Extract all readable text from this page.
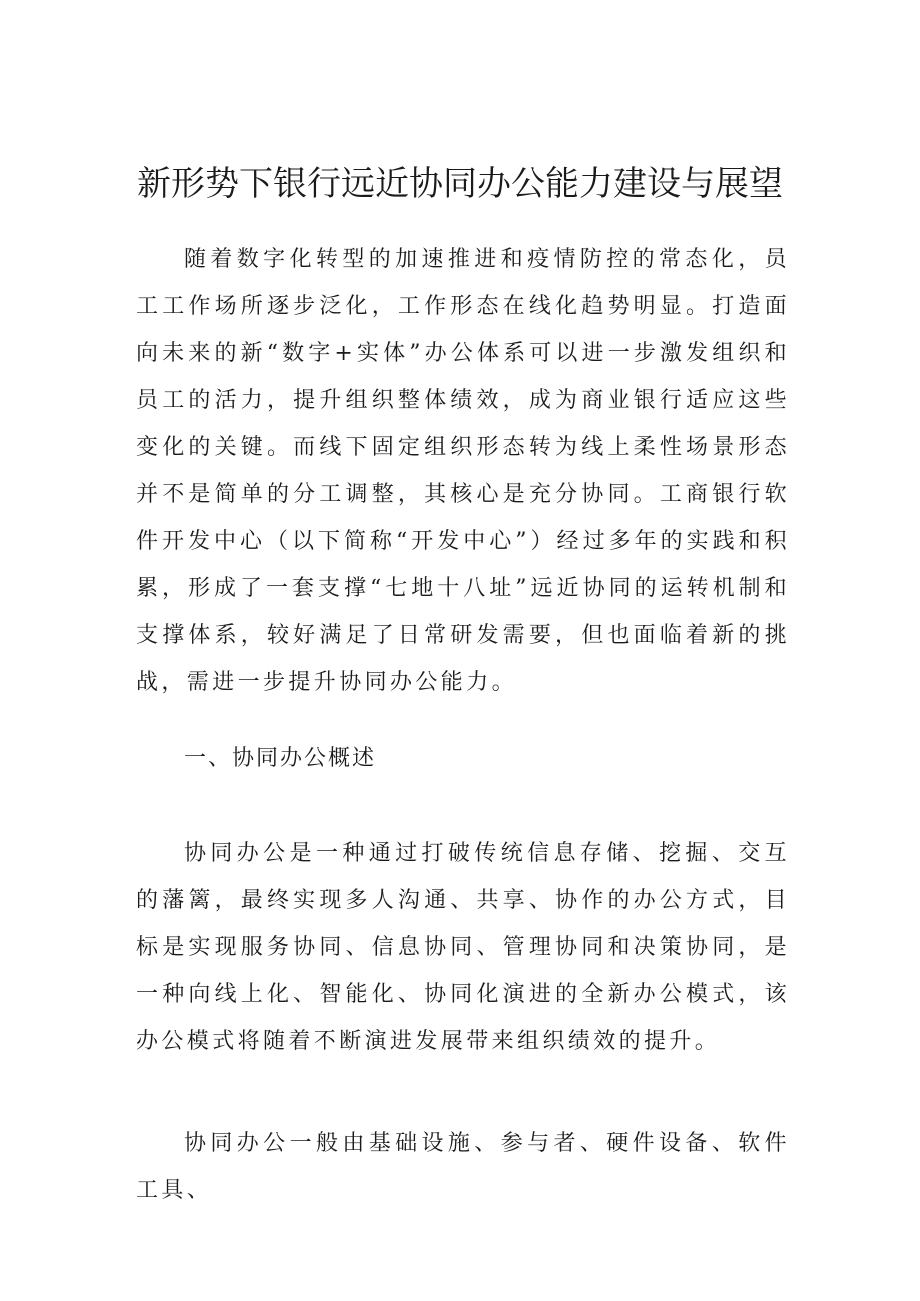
新形势下银行远近协同办公能力建设与展望

随着数字化转型的加速推进和疫情防控的常态化，员工工作场所逐步泛化，工作形态在线化趋势明显。打造面向未来的新“数字+实体”办公体系可以进一步激发组织和员工的活力，提升组织整体绩效，成为商业银行适应这些变化的关键。而线下固定组织形态转为线上柔性场景形态并不是简单的分工调整，其核心是充分协同。工商银行软件开发中心（以下简称“开发中心”）经过多年的实践和积累，形成了一套支撑“七地十八址”远近协同的运转机制和支撑体系，较好满足了日常研发需要，但也面临着新的挑战，需进一步提升协同办公能力。

一、协同办公概述

协同办公是一种通过打破传统信息存储、挖掘、交互的藩篱，最终实现多人沟通、共享、协作的办公方式，目标是实现服务协同、信息协同、管理协同和决策协同，是一种向线上化、智能化、协同化演进的全新办公模式，该办公模式将随着不断演进发展带来组织绩效的提升。

协同办公一般由基础设施、参与者、硬件设备、软件工具、
